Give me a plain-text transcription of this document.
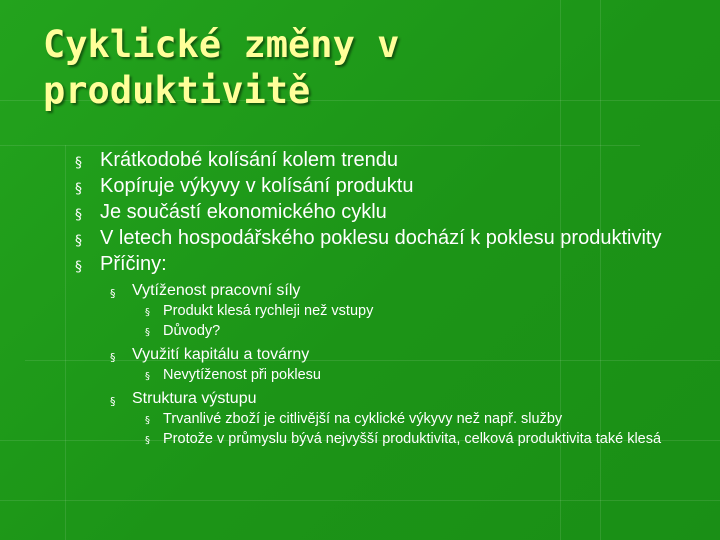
Cyklické změny v produktivitě
§ Krátkodobé kolísání kolem trendu
§ Kopíruje výkyvy v kolísání produktu
§ Je součástí ekonomického cyklu
§ V letech hospodářského poklesu dochází k poklesu produktivity
§ Příčiny:
§ Vytíženost pracovní síly
§ Produkt klesá rychleji než vstupy
§ Důvody?
§ Využití kapitálu a továrny
§ Nevytíženost při poklesu
§ Struktura výstupu
§ Trvanlivé zboží je citlivější na cyklické výkyvy než např. služby
§ Protože v průmyslu bývá nejvyšší produktivita, celková produktivita také klesá
